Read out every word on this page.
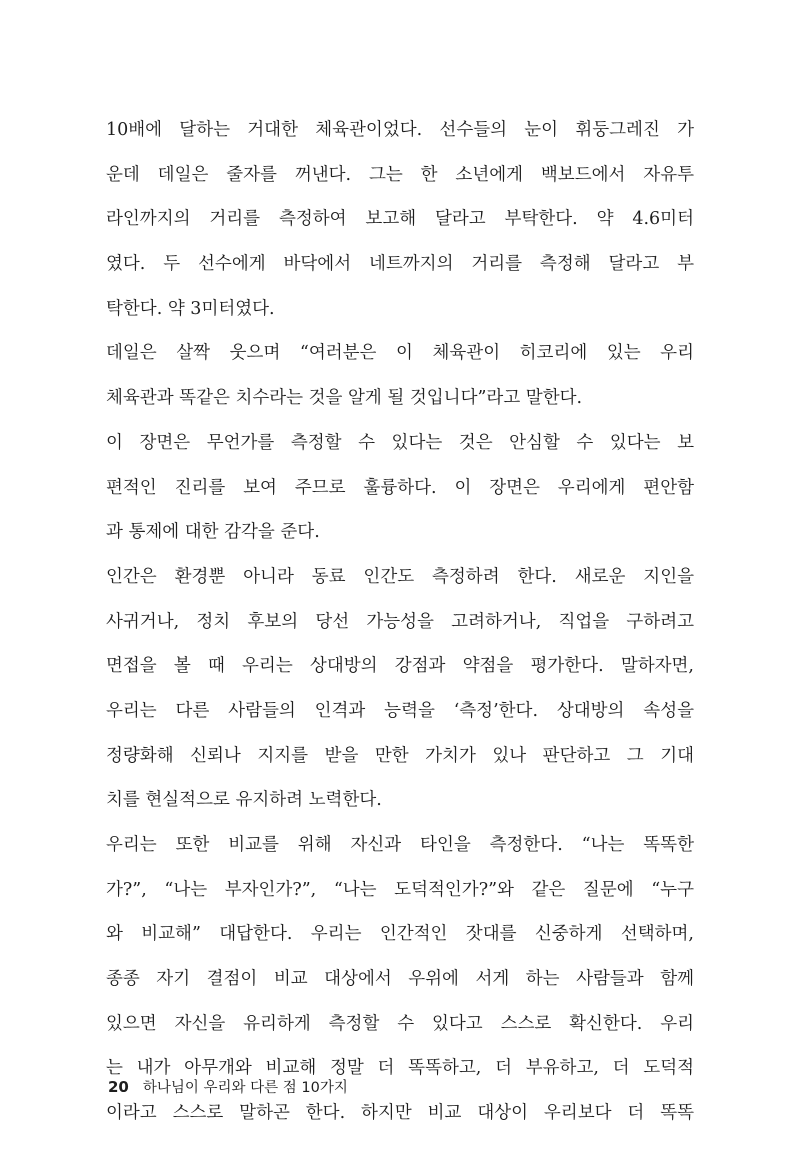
10배에 달하는 거대한 체육관이었다. 선수들의 눈이 휘둥그레진 가
운데 데일은 줄자를 꺼낸다. 그는 한 소년에게 백보드에서 자유투
라인까지의 거리를 측정하여 보고해 달라고 부탁한다. 약 4.6미터
였다. 두 선수에게 바닥에서 네트까지의 거리를 측정해 달라고 부
탁한다. 약 3미터였다.
데일은 살짝 웃으며 “여러분은 이 체육관이 히코리에 있는 우리
체육관과 똑같은 치수라는 것을 알게 될 것입니다”라고 말한다.
이 장면은 무언가를 측정할 수 있다는 것은 안심할 수 있다는 보
편적인 진리를 보여 주므로 훌륭하다. 이 장면은 우리에게 편안함
과 통제에 대한 감각을 준다.
인간은 환경뿐 아니라 동료 인간도 측정하려 한다. 새로운 지인을
사귀거나, 정치 후보의 당선 가능성을 고려하거나, 직업을 구하려고
면접을 볼 때 우리는 상대방의 강점과 약점을 평가한다. 말하자면,
우리는 다른 사람들의 인격과 능력을 ‘측정’한다. 상대방의 속성을
정량화해 신뢰나 지지를 받을 만한 가치가 있나 판단하고 그 기대
치를 현실적으로 유지하려 노력한다.
우리는 또한 비교를 위해 자신과 타인을 측정한다. “나는 똑똑한
가?”, “나는 부자인가?”, “나는 도덕적인가?”와 같은 질문에 “누구
와 비교해” 대답한다. 우리는 인간적인 잣대를 신중하게 선택하며,
종종 자기 결점이 비교 대상에서 우위에 서게 하는 사람들과 함께
있으면 자신을 유리하게 측정할 수 있다고 스스로 확신한다. 우리
는 내가 아무개와 비교해 정말 더 똑똑하고, 더 부유하고, 더 도덕적
이라고 스스로 말하곤 한다. 하지만 비교 대상이 우리보다 더 똑똑
20 하나님이 우리와 다른 점 10가지
